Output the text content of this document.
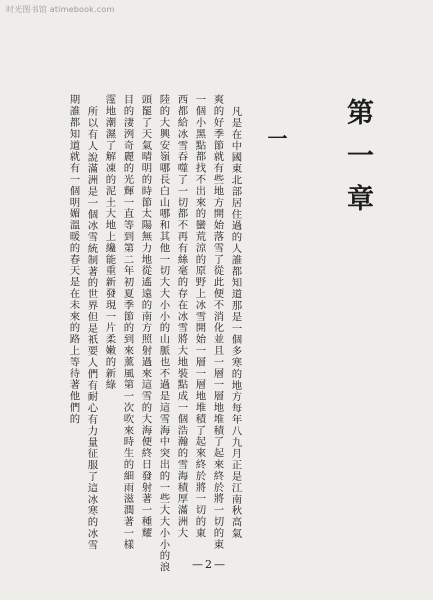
时光图书馆 atimebook.com
第一章
一
凡是在中國東北部居住過的人誰都知道那是一個多寒的地方每年八九月正是江南秋高氣
爽的好季節就有些地方開始落雪了從此便不消化並且一層一層地堆積了起來終於將一切的東
一個小黑點都找不出來的蠻荒涼的原野上冰雪開始一層一層地堆積了起來終於將一切的東
西都給冰雪吞噬了一切都不再有絲毫的存在冰雪將大地裝點成一個浩瀚的雪海積厚滿洲大
陸的大興安嶺哪長白山哪和其他一切大大小小的山脈也不過是這雪海中突出的一些大大小小的浪
頭罷了天氣晴明的時節太陽無力地從遙遠的南方照射過來這雪的大海便終日發射著一種耀
目的淒洌奇麗的光輝一直等到第二年初夏季節的到來薰風第一次吹來時生的細雨滋潤著一樣
霪地潮濕了解凍的泥土大地上纔能重新發現一片柔嫩的新綠
所以有人說滿洲是一個冰雪統制著的世界但是祇要人們有耐心有力量征服了這冰寒的冰雪
期誰都知道就有一個明媚溫暖的春天是在未來的路上等待著他們的
—2—
